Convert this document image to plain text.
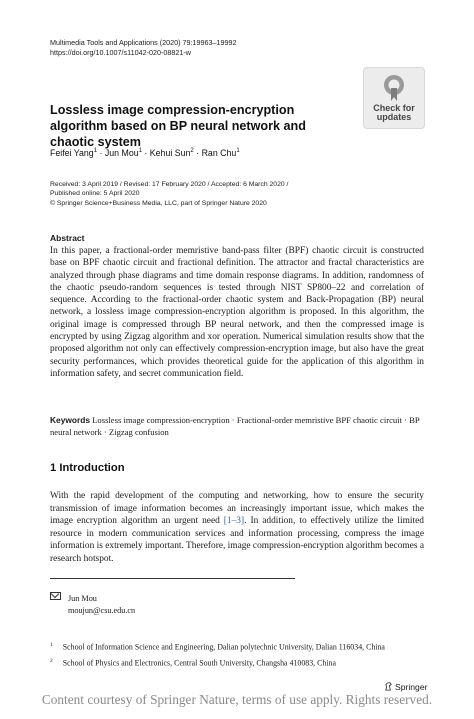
Multimedia Tools and Applications (2020) 79:19963–19992
https://doi.org/10.1007/s11042-020-08821-w
Check for
updates
Lossless image compression-encryption algorithm based on BP neural network and chaotic system
Feifei Yang$^1$ · Jun Mou$^1$ · Kehui Sun$^2$ · Ran Chu$^1$
Received: 3 April 2019 / Revised: 17 February 2020 / Accepted: 6 March 2020 /
Published online: 5 April 2020
© Springer Science+Business Media, LLC, part of Springer Nature 2020
Abstract
In this paper, a fractional-order memristive band-pass filter (BPF) chaotic circuit is constructed base on BPF chaotic circuit and fractional definition. The attractor and fractal characteristics are analyzed through phase diagrams and time domain response diagrams. In addition, randomness of the chaotic pseudo-random sequences is tested through NIST SP800–22 and correlation of sequence. According to the fractional-order chaotic system and Back-Propagation (BP) neural network, a lossless image compression-encryption algorithm is proposed. In this algorithm, the original image is compressed through BP neural network, and then the compressed image is encrypted by using Zigzag algorithm and xor operation. Numerical simulation results show that the proposed algorithm not only can effectively compression-encryption image, but also have the great security performances, which provides theoretical guide for the application of this algorithm in information safety, and secret communication field.
Keywords Lossless image compression-encryption · Fractional-order memristive BPF chaotic circuit · BP neural network · Zigzag confusion
1 Introduction
With the rapid development of the computing and networking, how to ensure the security transmission of image information becomes an increasingly important issue, which makes the image encryption algorithm an urgent need [1–3]. In addition, to effectively utilize the limited resource in modern communication services and information processing, compress the image information is extremely important. Therefore, image compression-encryption algorithm becomes a research hotspot.
Jun Mou
moujun@csu.edu.cn
$^1$ School of Information Science and Engineering, Dalian polytechnic University, Dalian 116034, China
$^2$ School of Physics and Electronics, Central South University, Changsha 410083, China
Springer
Content courtesy of Springer Nature, terms of use apply. Rights reserved.
